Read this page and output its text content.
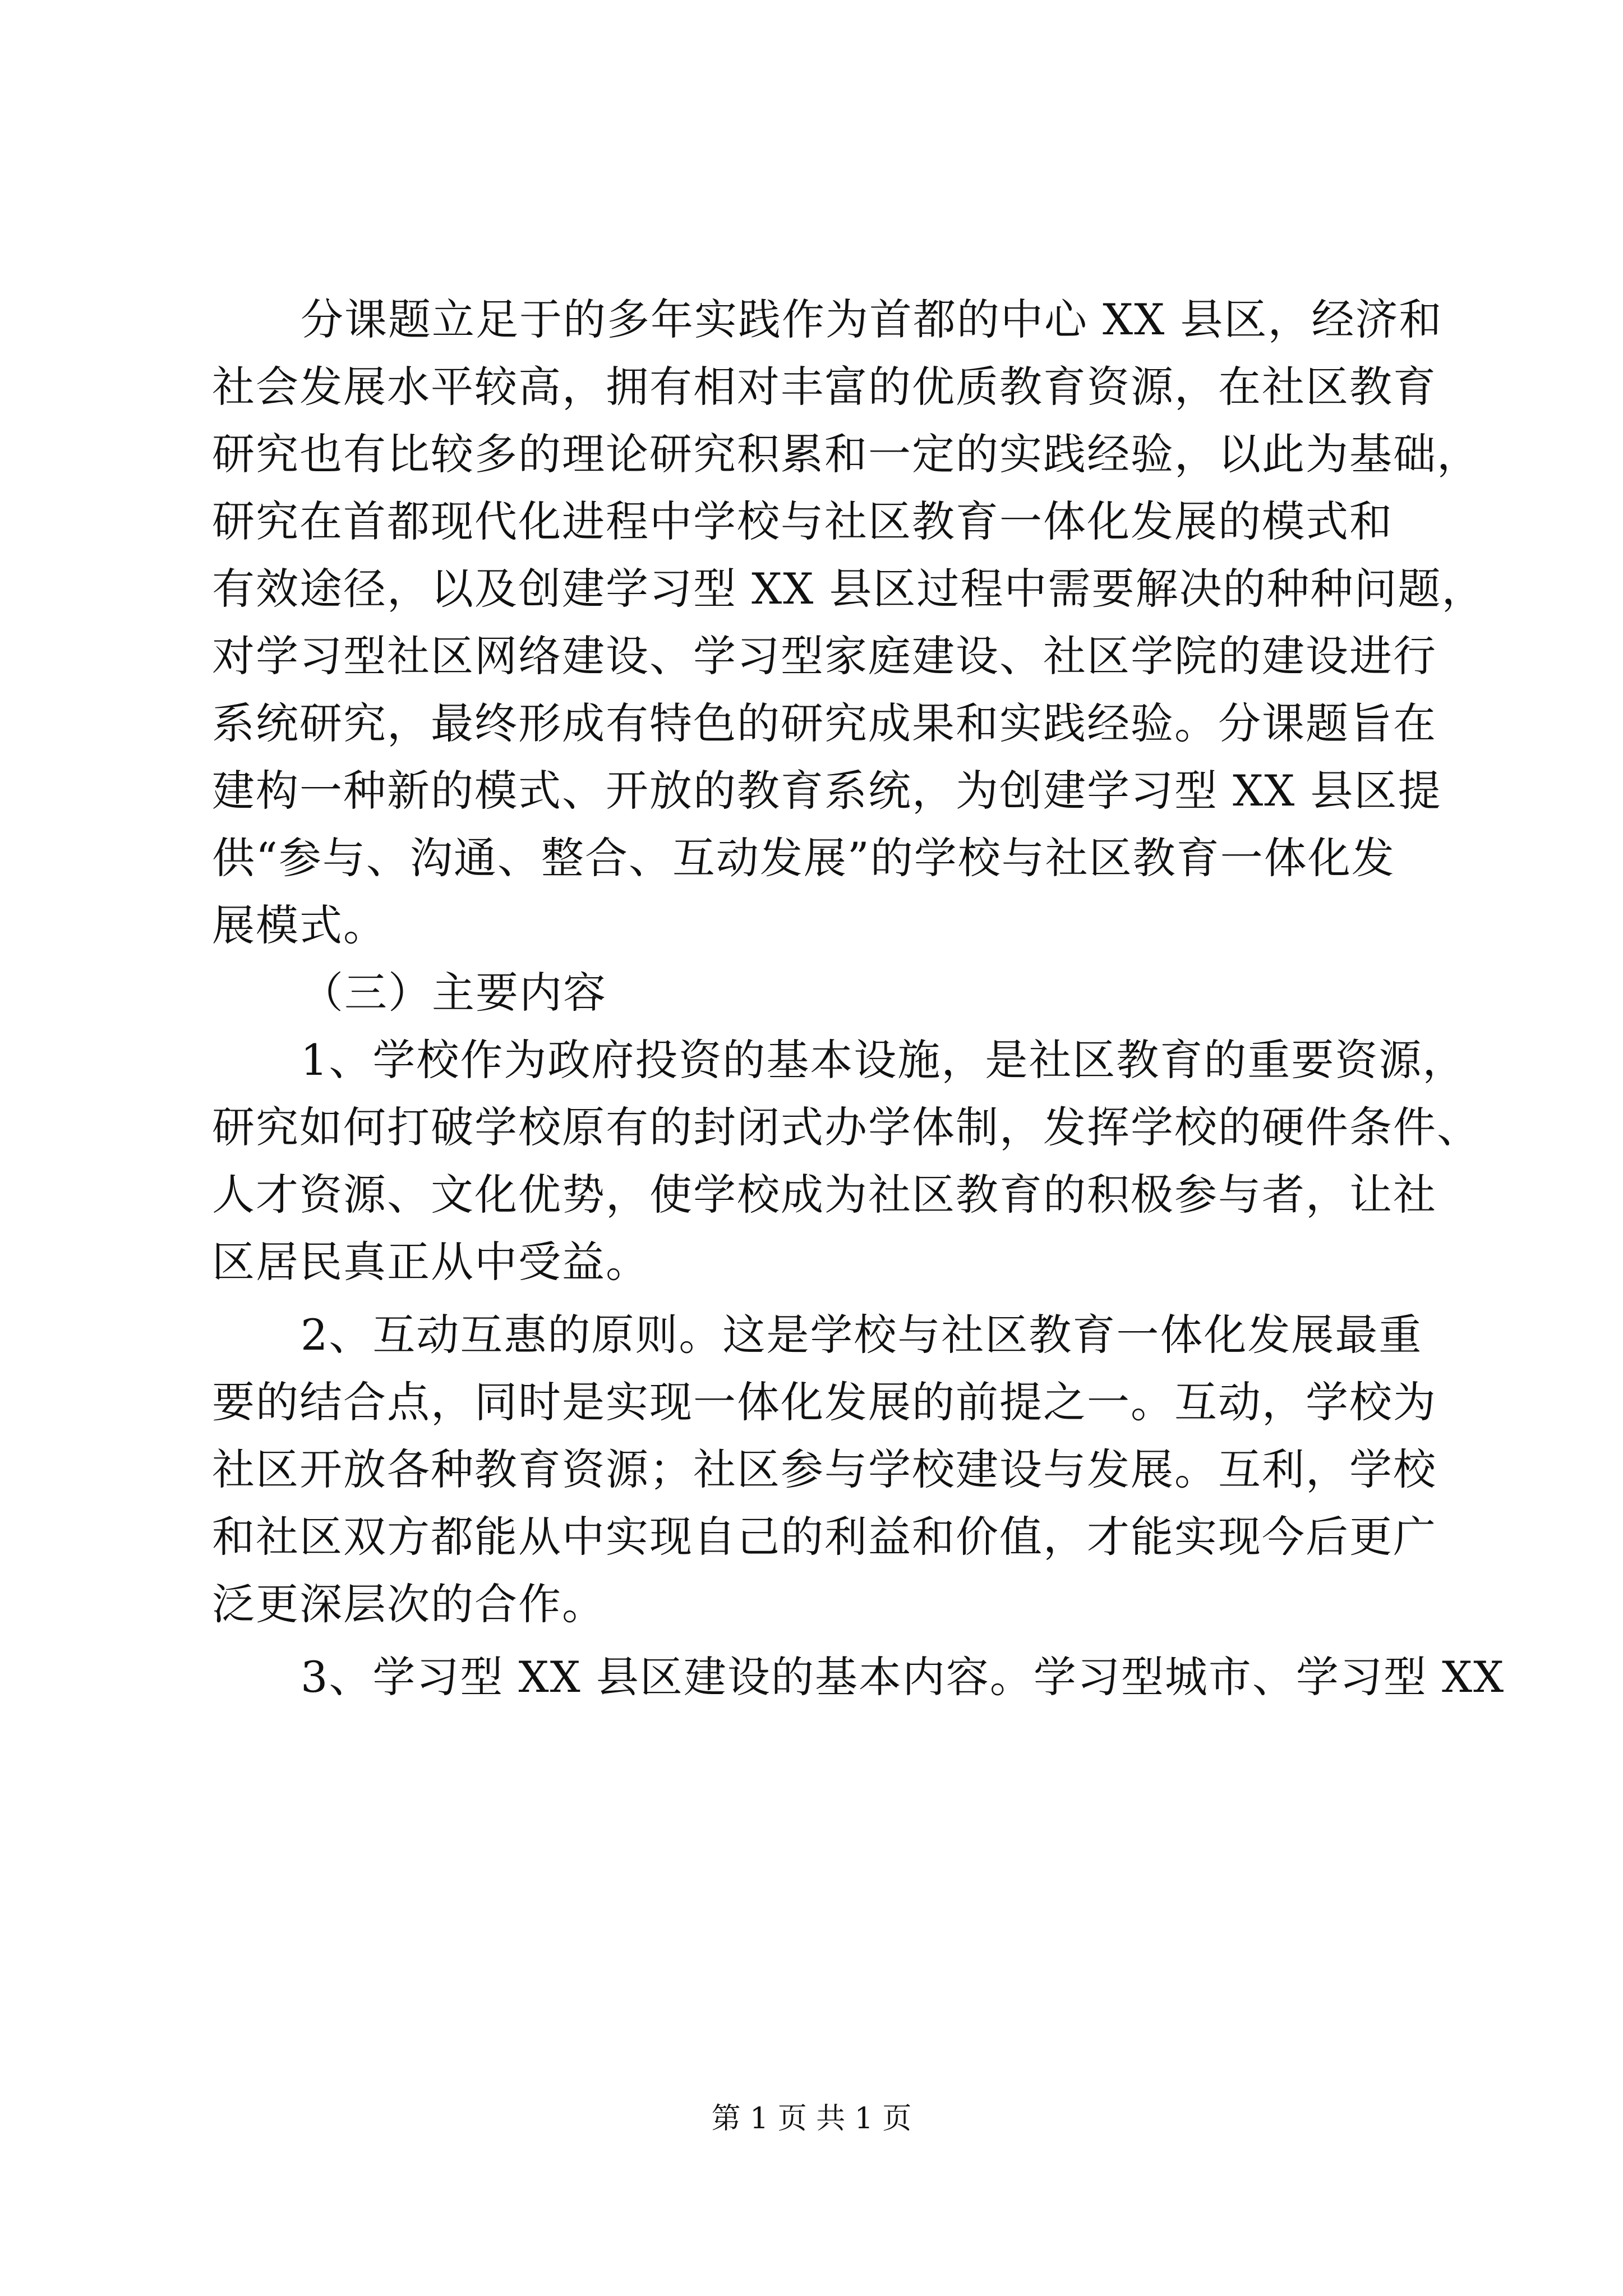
分课题立足于的多年实践作为首都的中心 XX 县区，经济和
社会发展水平较高，拥有相对丰富的优质教育资源，在社区教育
研究也有比较多的理论研究积累和一定的实践经验，以此为基础，
研究在首都现代化进程中学校与社区教育一体化发展的模式和
有效途径，以及创建学习型 XX 县区过程中需要解决的种种问题，
对学习型社区网络建设、学习型家庭建设、社区学院的建设进行
系统研究，最终形成有特色的研究成果和实践经验。分课题旨在
建构一种新的模式、开放的教育系统，为创建学习型 XX 县区提
供“参与、沟通、整合、互动发展”的学校与社区教育一体化发
展模式。
（三）主要内容
1、学校作为政府投资的基本设施，是社区教育的重要资源，
研究如何打破学校原有的封闭式办学体制，发挥学校的硬件条件、
人才资源、文化优势，使学校成为社区教育的积极参与者，让社
区居民真正从中受益。
2、互动互惠的原则。这是学校与社区教育一体化发展最重
要的结合点，同时是实现一体化发展的前提之一。互动，学校为
社区开放各种教育资源；社区参与学校建设与发展。互利，学校
和社区双方都能从中实现自己的利益和价值，才能实现今后更广
泛更深层次的合作。
3、学习型 XX 县区建设的基本内容。学习型城市、学习型 XX
第 1 页 共 1 页
